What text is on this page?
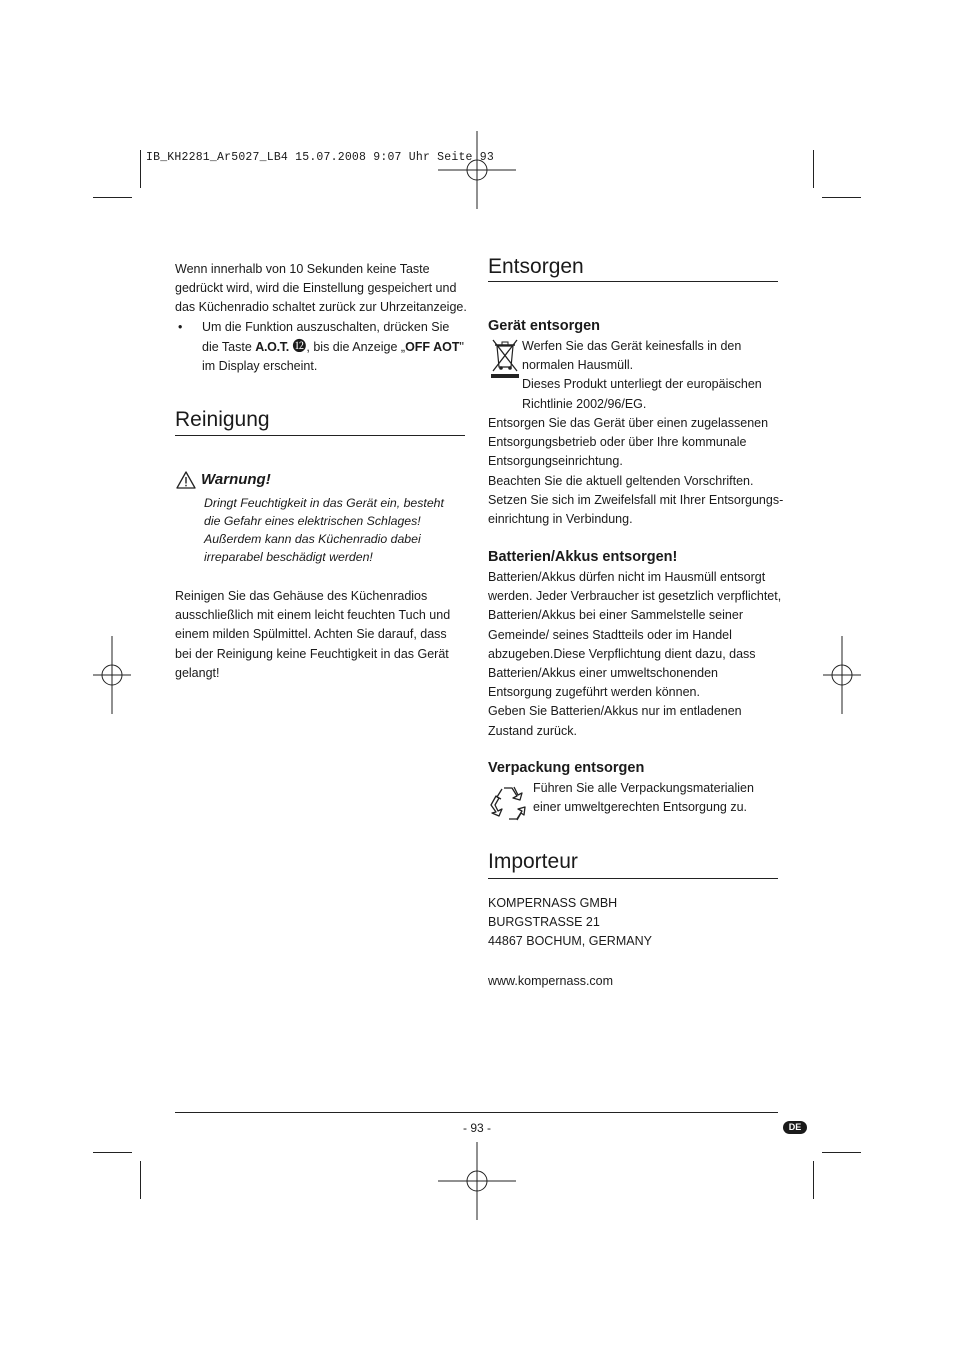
IB_KH2281_Ar5027_LB4 15.07.2008 9:07 Uhr Seite 93
Wenn innerhalb von 10 Sekunden keine Taste
gedrückt wird, wird die Einstellung gespeichert und
das Küchenradio schaltet zurück zur Uhrzeitanzeige.
• Um die Funktion auszuschalten, drücken Sie
die Taste A.O.T. ⓬, bis die Anzeige „OFF AOT"
im Display erscheint.
Reinigung
Warnung!
Dringt Feuchtigkeit in das Gerät ein, besteht
die Gefahr eines elektrischen Schlages!
Außerdem kann das Küchenradio dabei
irreparabel beschädigt werden!
Reinigen Sie das Gehäuse des Küchenradios
ausschließlich mit einem leicht feuchten Tuch und
einem milden Spülmittel. Achten Sie darauf, dass
bei der Reinigung keine Feuchtigkeit in das Gerät
gelangt!
Entsorgen
Gerät entsorgen
Werfen Sie das Gerät keinesfalls in den
normalen Hausmüll.
Dieses Produkt unterliegt der europäischen
Richtlinie 2002/96/EG.
Entsorgen Sie das Gerät über einen zugelassenen
Entsorgungsbetrieb oder über Ihre kommunale
Entsorgungseinrichtung.
Beachten Sie die aktuell geltenden Vorschriften.
Setzen Sie sich im Zweifelsfall mit Ihrer Entsorgungs-
einrichtung in Verbindung.
Batterien/Akkus entsorgen!
Batterien/Akkus dürfen nicht im Hausmüll entsorgt
werden. Jeder Verbraucher ist gesetzlich verpflichtet,
Batterien/Akkus bei einer Sammelstelle seiner
Gemeinde/ seines Stadtteils oder im Handel
abzugeben.Diese Verpflichtung dient dazu, dass
Batterien/Akkus einer umweltschonenden
Entsorgung zugeführt werden können.
Geben Sie Batterien/Akkus nur im entladenen
Zustand zurück.
Verpackung entsorgen
Führen Sie alle Verpackungsmaterialien
einer umweltgerechten Entsorgung zu.
Importeur
KOMPERNASS GMBH
BURGSTRASSE 21
44867 BOCHUM, GERMANY
www.kompernass.com
- 93 -	DE
